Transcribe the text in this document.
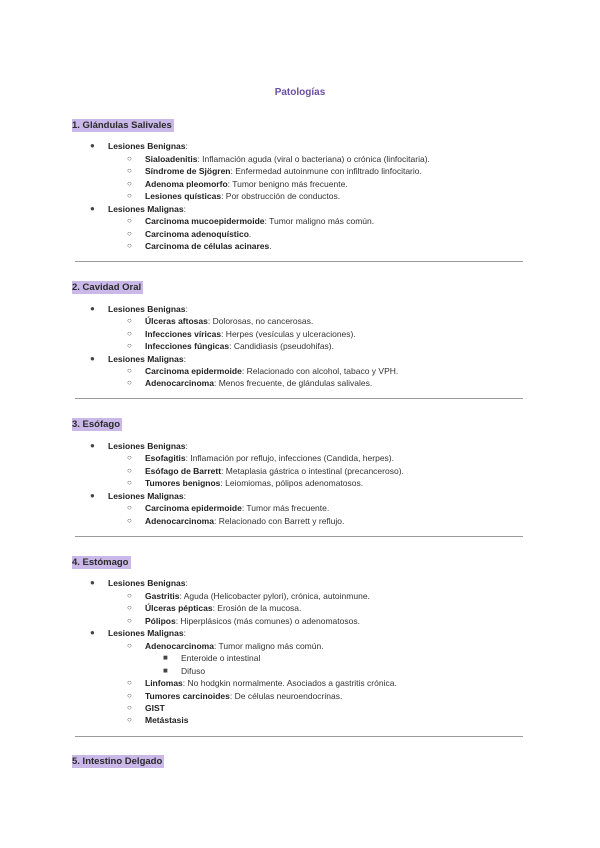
Patologías
1. Glándulas Salivales
● Lesiones Benignas:
○ Sialoadenitis: Inflamación aguda (viral o bacteriana) o crónica (linfocitaria).
○ Síndrome de Sjögren: Enfermedad autoinmune con infiltrado linfocitario.
○ Adenoma pleomorfo: Tumor benigno más frecuente.
○ Lesiones quísticas: Por obstrucción de conductos.
● Lesiones Malignas:
○ Carcinoma mucoepidermoide: Tumor maligno más común.
○ Carcinoma adenoquístico.
○ Carcinoma de células acinares.
2. Cavidad Oral
● Lesiones Benignas:
○ Úlceras aftosas: Dolorosas, no cancerosas.
○ Infecciones víricas: Herpes (vesículas y ulceraciones).
○ Infecciones fúngicas: Candidiasis (pseudohifas).
● Lesiones Malignas:
○ Carcinoma epidermoide: Relacionado con alcohol, tabaco y VPH.
○ Adenocarcinoma: Menos frecuente, de glándulas salivales.
3. Esófago
● Lesiones Benignas:
○ Esofagitis: Inflamación por reflujo, infecciones (Candida, herpes).
○ Esófago de Barrett: Metaplasia gástrica o intestinal (precanceroso).
○ Tumores benignos: Leiomiomas, pólipos adenomatosos.
● Lesiones Malignas:
○ Carcinoma epidermoide: Tumor más frecuente.
○ Adenocarcinoma: Relacionado con Barrett y reflujo.
4. Estómago
● Lesiones Benignas:
○ Gastritis: Aguda (Helicobacter pylori), crónica, autoinmune.
○ Úlceras pépticas: Erosión de la mucosa.
○ Pólipos: Hiperplásicos (más comunes) o adenomatosos.
● Lesiones Malignas:
○ Adenocarcinoma: Tumor maligno más común.
■ Enteroide o intestinal
■ Difuso
○ Linfomas: No hodgkin normalmente. Asociados a gastritis crónica.
○ Tumores carcinoides: De células neuroendocrinas.
○ GIST
○ Metástasis
5. Intestino Delgado
